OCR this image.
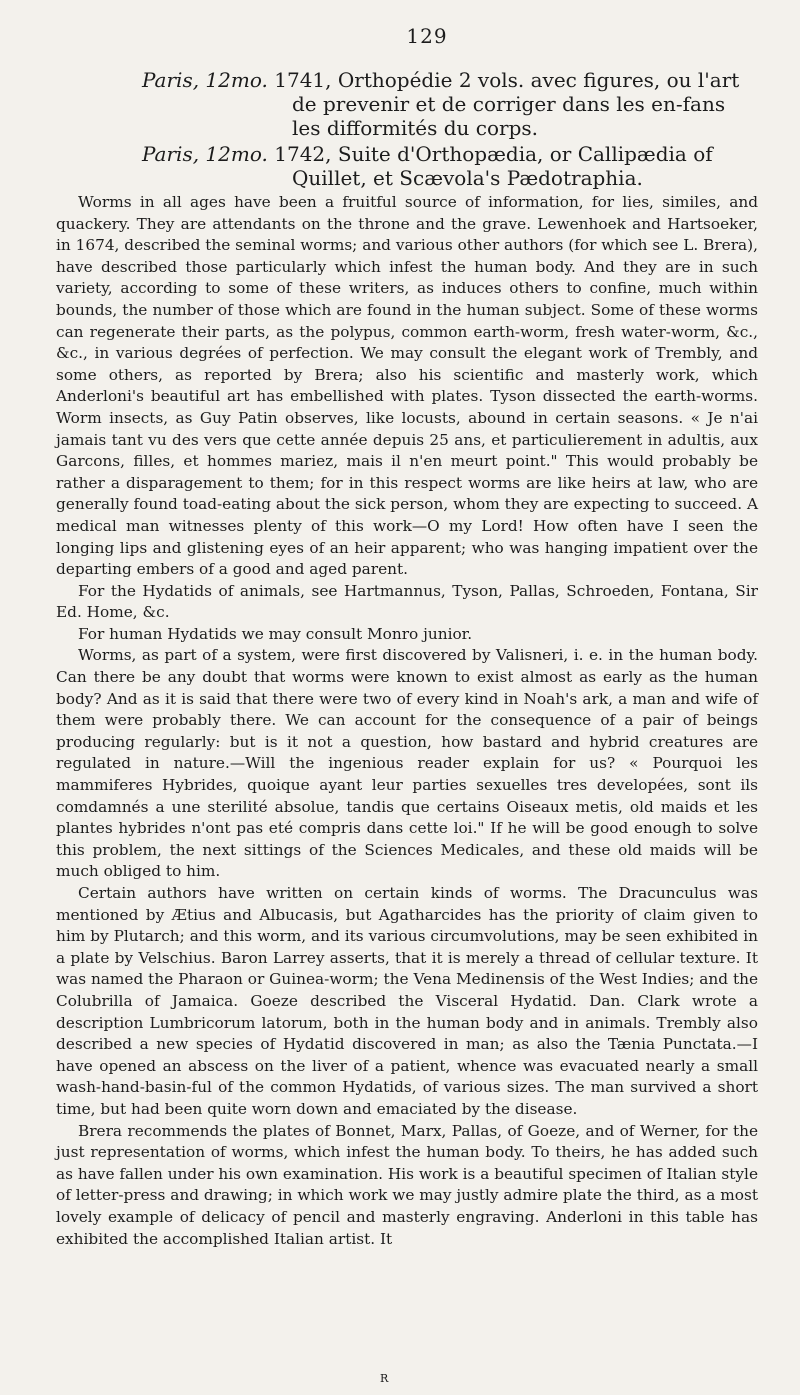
129
Paris, 12mo. 1741, Orthopédie 2 vols. avec figures, ou l'art de prevenir et de corriger dans les en-fans les difformités du corps.
Paris, 12mo. 1742, Suite d'Orthopædia, or Callipædia of Quillet, et Scævola's Pædotraphia.

Worms in all ages have been a fruitful source of information, for lies, similes, and quackery. They are attendants on the throne and the grave. Lewenhoek and Hartsoeker, in 1674, described the seminal worms; and various other authors (for which see L. Brera), have described those particularly which infest the human body. And they are in such variety, according to some of these writers, as induces others to confine, much within bounds, the number of those which are found in the human subject. Some of these worms can regenerate their parts, as the polypus, common earth-worm, fresh water-worm, &c., &c., in various degrées of perfection. We may consult the elegant work of Trembly, and some others, as reported by Brera; also his scientific and masterly work, which Anderloni's beautiful art has embellished with plates. Tyson dissected the earth-worms. Worm insects, as Guy Patin observes, like locusts, abound in certain seasons. « Je n'ai jamais tant vu des vers que cette année depuis 25 ans, et particulierement in adultis, aux Garcons, filles, et hommes mariez, mais il n'en meurt point." This would probably be rather a disparagement to them; for in this respect worms are like heirs at law, who are generally found toad-eating about the sick person, whom they are expecting to succeed. A medical man witnesses plenty of this work—O my Lord! How often have I seen the longing lips and glistening eyes of an heir apparent; who was hanging impatient over the departing embers of a good and aged parent.

For the Hydatids of animals, see Hartmannus, Tyson, Pallas, Schroeden, Fontana, Sir Ed. Home, &c.

For human Hydatids we may consult Monro junior.

Worms, as part of a system, were first discovered by Valisneri, i. e. in the human body. Can there be any doubt that worms were known to exist almost as early as the human body? And as it is said that there were two of every kind in Noah's ark, a man and wife of them were probably there. We can account for the consequence of a pair of beings producing regularly: but is it not a question, how bastard and hybrid creatures are regulated in nature.—Will the ingenious reader explain for us? « Pourquoi les mammiferes Hybrides, quoique ayant leur parties sexuelles tres developées, sont ils comdamnés a une sterilité absolue, tandis que certains Oiseaux metis, old maids et les plantes hybrides n'ont pas eté compris dans cette loi." If he will be good enough to solve this problem, the next sittings of the Sciences Medicales, and these old maids will be much obliged to him.

Certain authors have written on certain kinds of worms. The Dracunculus was mentioned by Ætius and Albucasis, but Agatharcides has the priority of claim given to him by Plutarch; and this worm, and its various circumvolutions, may be seen exhibited in a plate by Velschius. Baron Larrey asserts, that it is merely a thread of cellular texture. It was named the Pharaon or Guinea-worm; the Vena Medinensis of the West Indies; and the Colubrilla of Jamaica. Goeze described the Visceral Hydatid. Dan. Clark wrote a description Lumbricorum latorum, both in the human body and in animals. Trembly also described a new species of Hydatid discovered in man; as also the Tænia Punctata.—I have opened an abscess on the liver of a patient, whence was evacuated nearly a small wash-hand-basin-ful of the common Hydatids, of various sizes. The man survived a short time, but had been quite worn down and emaciated by the disease.

Brera recommends the plates of Bonnet, Marx, Pallas, of Goeze, and of Werner, for the just representation of worms, which infest the human body. To theirs, he has added such as have fallen under his own examination. His work is a beautiful specimen of Italian style of letter-press and drawing; in which work we may justly admire plate the third, as a most lovely example of delicacy of pencil and masterly engraving. Anderloni in this table has exhibited the accomplished Italian artist. It

R
